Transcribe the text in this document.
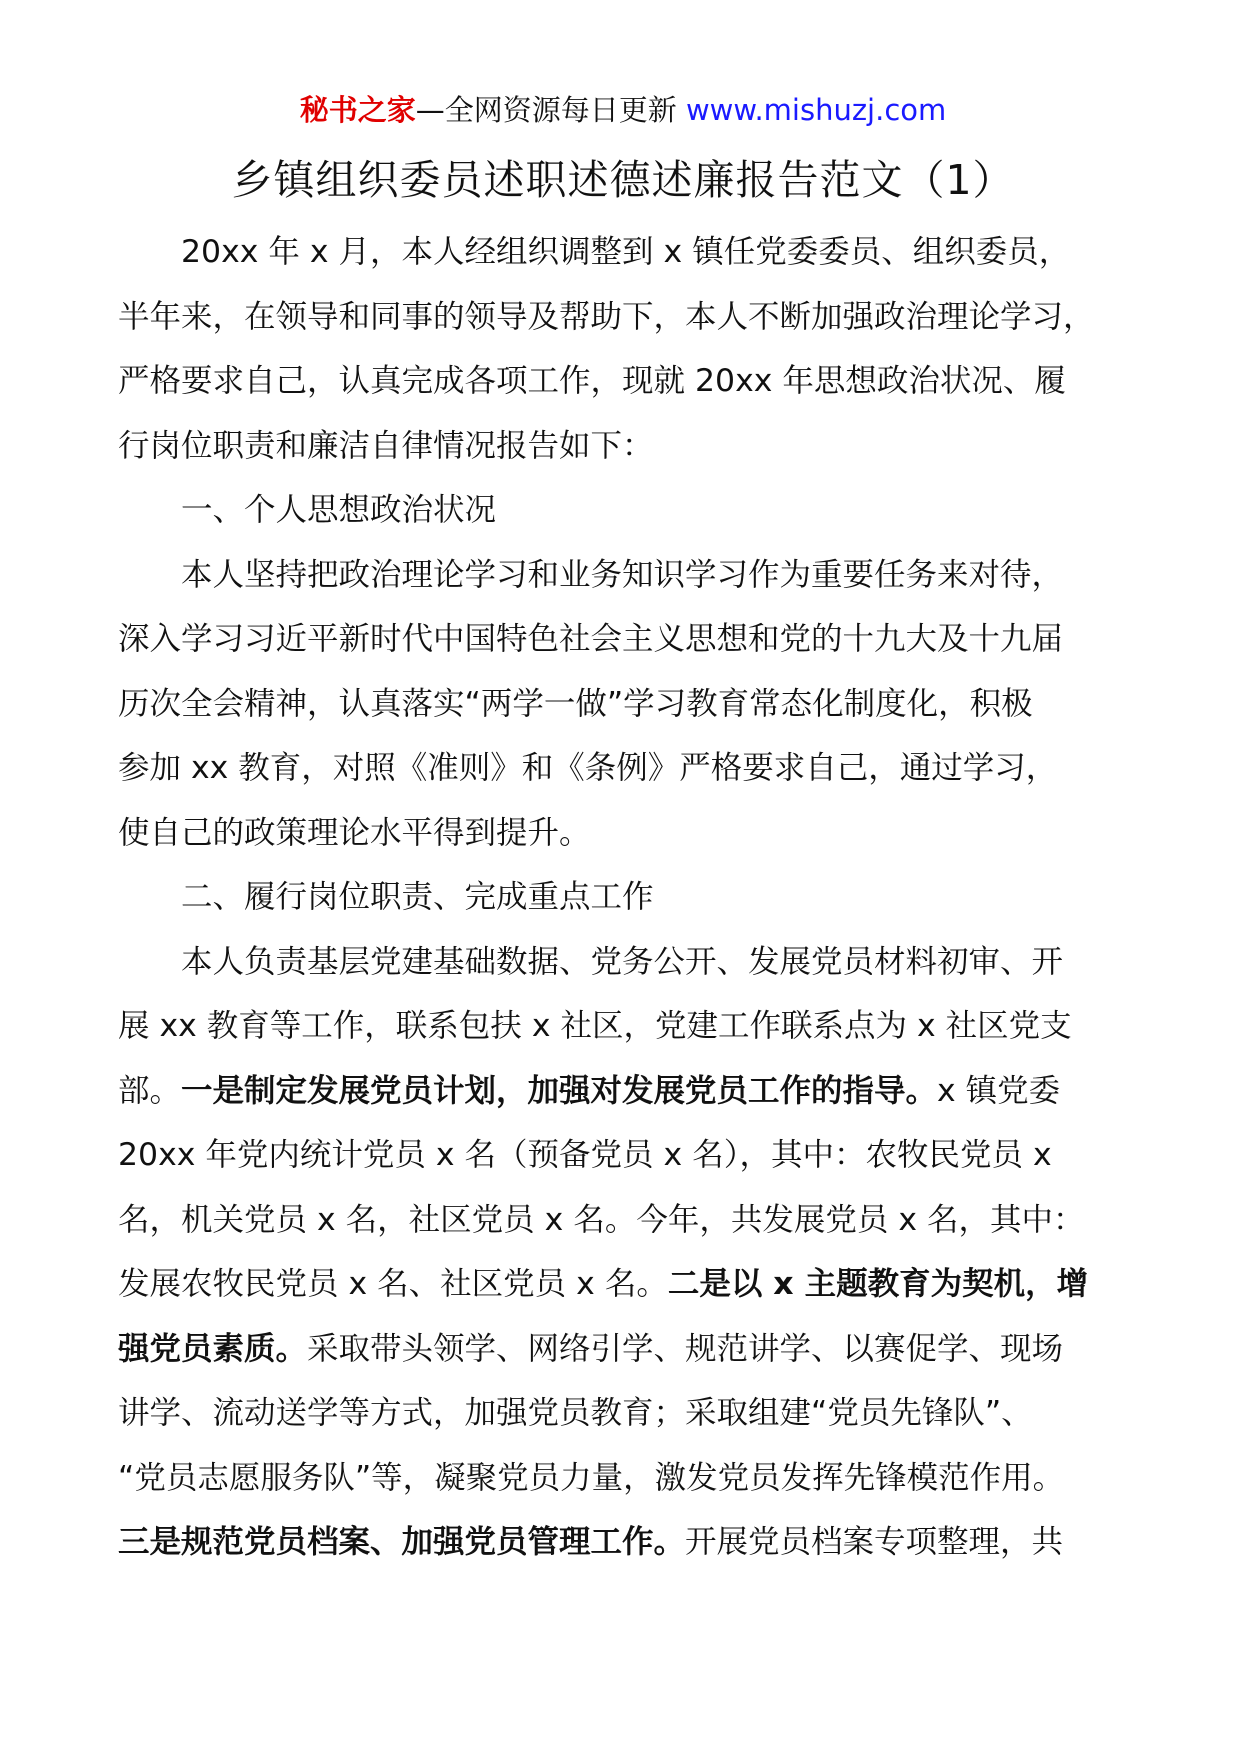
秘书之家—全网资源每日更新 www.mishuzj.com
乡镇组织委员述职述德述廉报告范文（1）
20xx 年 x 月，本人经组织调整到 x 镇任党委委员、组织委员，
半年来，在领导和同事的领导及帮助下，本人不断加强政治理论学习，
严格要求自己，认真完成各项工作，现就 20xx 年思想政治状况、履
行岗位职责和廉洁自律情况报告如下：
一、个人思想政治状况
本人坚持把政治理论学习和业务知识学习作为重要任务来对待，
深入学习习近平新时代中国特色社会主义思想和党的十九大及十九届
历次全会精神，认真落实“两学一做”学习教育常态化制度化，积极
参加 xx 教育，对照《准则》和《条例》严格要求自己，通过学习，
使自己的政策理论水平得到提升。
二、履行岗位职责、完成重点工作
本人负责基层党建基础数据、党务公开、发展党员材料初审、开
展 xx 教育等工作，联系包扶 x 社区，党建工作联系点为 x 社区党支
部。一是制定发展党员计划，加强对发展党员工作的指导。x 镇党委
20xx 年党内统计党员 x 名（预备党员 x 名），其中：农牧民党员 x
名，机关党员 x 名，社区党员 x 名。今年，共发展党员 x 名，其中：
发展农牧民党员 x 名、社区党员 x 名。二是以 x 主题教育为契机，增
强党员素质。采取带头领学、网络引学、规范讲学、以赛促学、现场
讲学、流动送学等方式，加强党员教育；采取组建“党员先锋队”、
“党员志愿服务队”等，凝聚党员力量，激发党员发挥先锋模范作用。
三是规范党员档案、加强党员管理工作。开展党员档案专项整理，共
